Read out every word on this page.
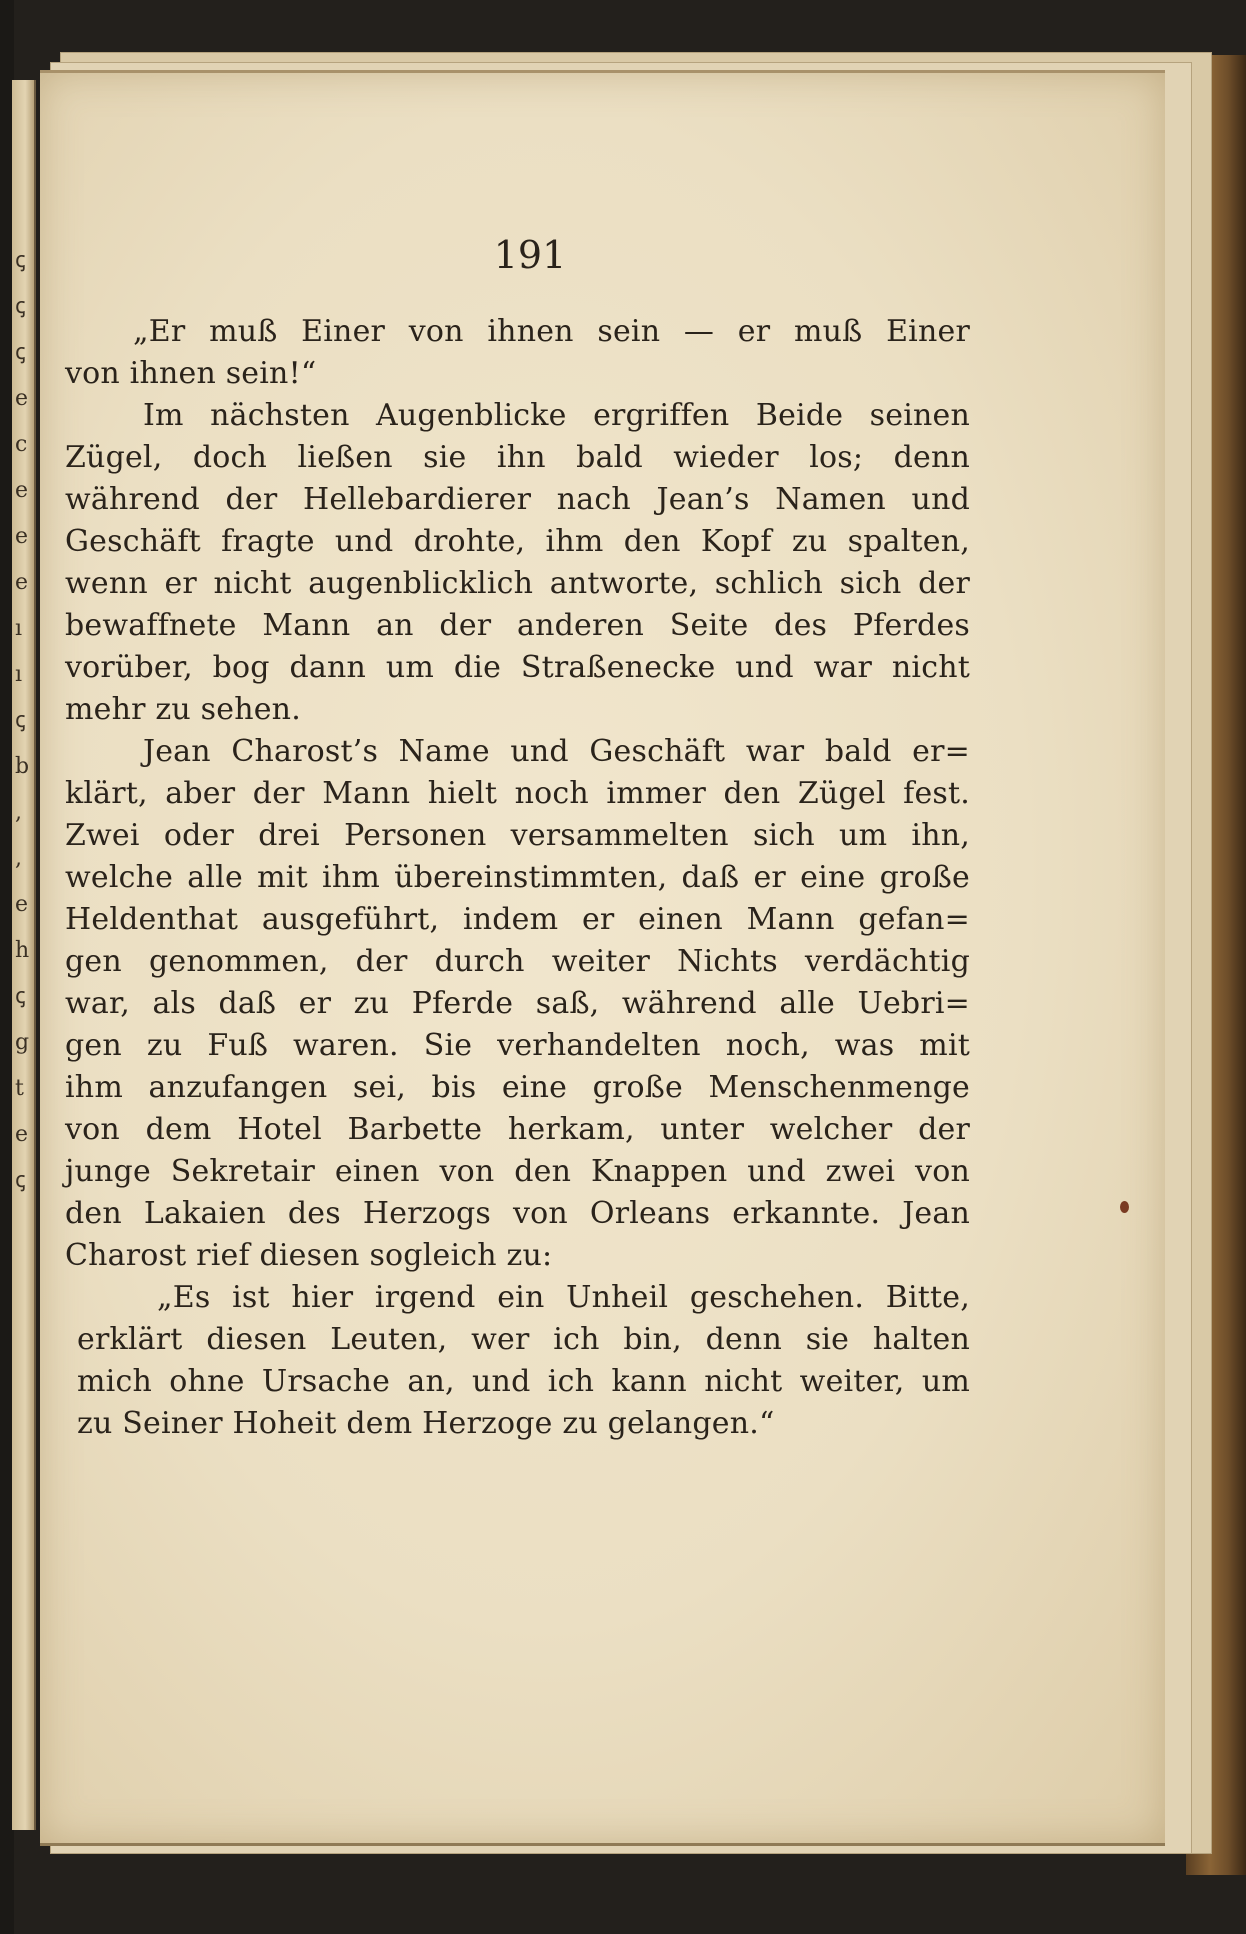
ꞔ
ꞔ
ꞔ
e
c
e
e
e
ı
ı
ꞔ
b
,
,
e
h
ꞔ
g
t
e
ꞔ
191
„Er muß Einer von ihnen sein — er muß Einer
von ihnen sein!“
Im nächsten Augenblicke ergriffen Beide seinen
Zügel, doch ließen sie ihn bald wieder los; denn
während der Hellebardierer nach Jean’s Namen und
Geschäft fragte und drohte, ihm den Kopf zu spalten,
wenn er nicht augenblicklich antworte, schlich sich der
bewaffnete Mann an der anderen Seite des Pferdes
vorüber, bog dann um die Straßenecke und war nicht
mehr zu sehen.
Jean Charost’s Name und Geschäft war bald er=
klärt, aber der Mann hielt noch immer den Zügel fest.
Zwei oder drei Personen versammelten sich um ihn,
welche alle mit ihm übereinstimmten, daß er eine große
Heldenthat ausgeführt, indem er einen Mann gefan=
gen genommen, der durch weiter Nichts verdächtig
war, als daß er zu Pferde saß, während alle Uebri=
gen zu Fuß waren. Sie verhandelten noch, was mit
ihm anzufangen sei, bis eine große Menschenmenge
von dem Hotel Barbette herkam, unter welcher der
junge Sekretair einen von den Knappen und zwei von
den Lakaien des Herzogs von Orleans erkannte. Jean
Charost rief diesen sogleich zu:
„Es ist hier irgend ein Unheil geschehen. Bitte,
erklärt diesen Leuten, wer ich bin, denn sie halten
mich ohne Ursache an, und ich kann nicht weiter, um
zu Seiner Hoheit dem Herzoge zu gelangen.“
